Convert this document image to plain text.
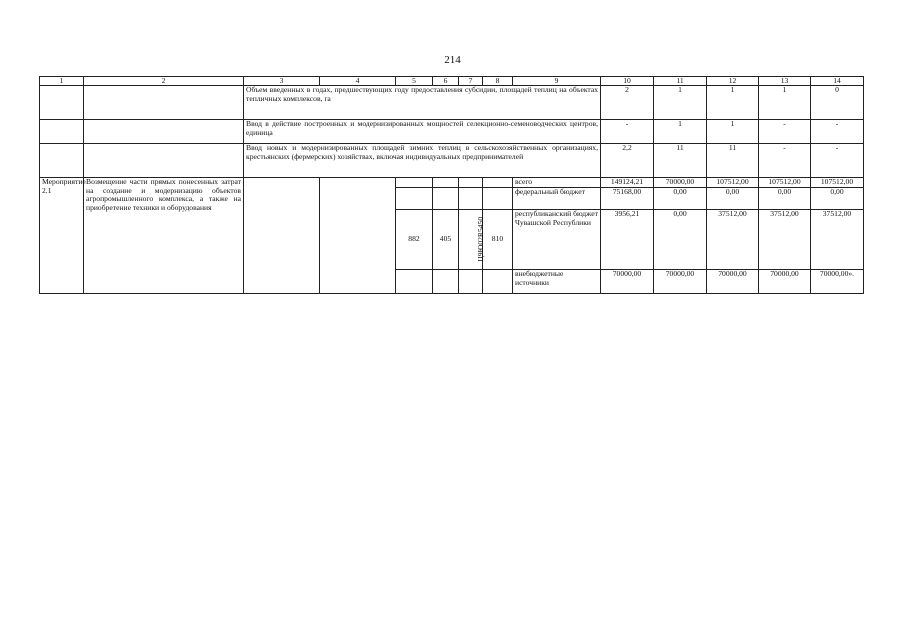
214
1	2	3	4	5	6	7	8	9	10	11	12	13	14
		Объем введенных в годах, предшествующих году предоставления субсидии, площадей теплиц на объектах тепличных комплексов, га							2	1	1	1	0
		Ввод в действие построенных и модернизированных мощностей селекционно-семеноводческих центров, единица							-	1	1	-	-
		Ввод новых и модернизированных площадей зимних теплиц в сельскохозяйственных организациях, крестьянских (фермерских) хозяйствах, включая индивидуальных предпринимателей							2,2	11	11	-	-
Мероприятие 2.1	Возмещение части прямых понесенных затрат на создание и модернизацию объектов агропромышленного комплекса, а также на приобретение техники и оборудования							всего	149124,21	70000,00	107512,00	107512,00	107512,00
								федеральный бюджет	75168,00	0,00	0,00	0,00	0,00
				882	405	Ц9Ю02R5450	810	республиканский бюджет Чувашской Республики	3956,21	0,00	37512,00	37512,00	37512,00
								внебюджетные источники	70000,00	70000,00	70000,00	70000,00	70000,00».
